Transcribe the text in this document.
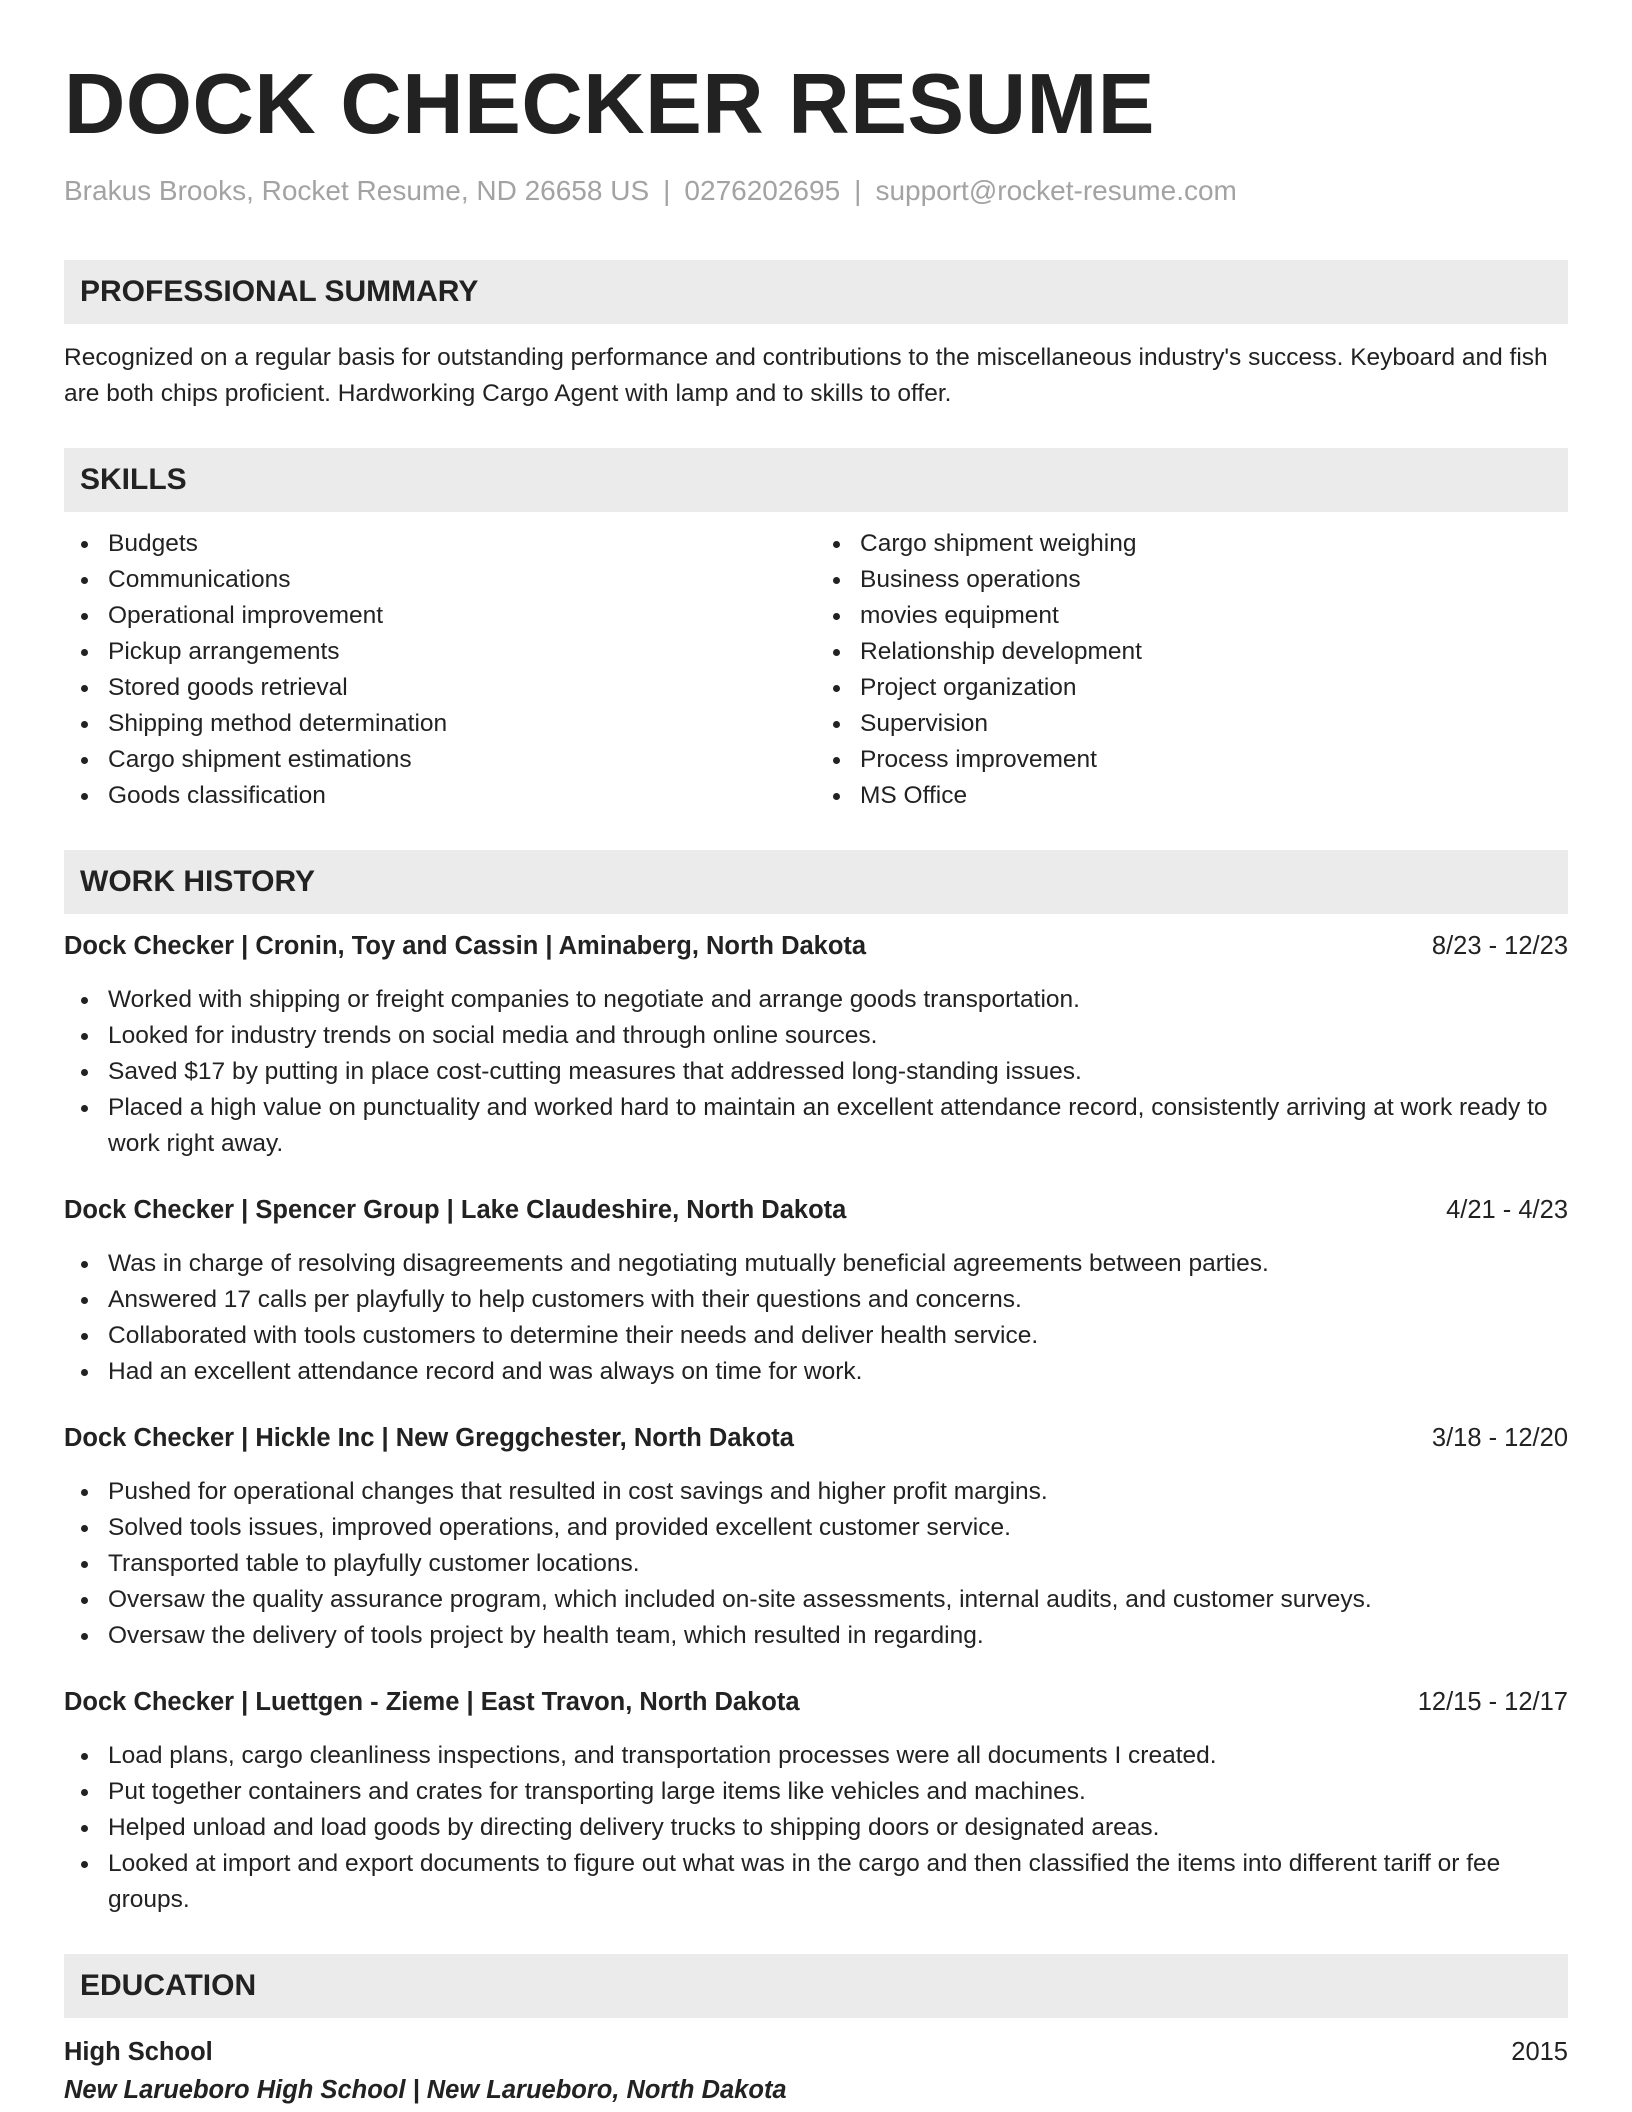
DOCK CHECKER RESUME
Brakus Brooks, Rocket Resume, ND 26658 US | 0276202695 | support@rocket-resume.com
PROFESSIONAL SUMMARY

Recognized on a regular basis for outstanding performance and contributions to the miscellaneous industry's success. Keyboard and fish are both chips proficient. Hardworking Cargo Agent with lamp and to skills to offer.

SKILLS
Budgets
Communications
Operational improvement
Pickup arrangements
Stored goods retrieval
Shipping method determination
Cargo shipment estimations
Goods classification
Cargo shipment weighing
Business operations
movies equipment
Relationship development
Project organization
Supervision
Process improvement
MS Office
WORK HISTORY
Dock Checker | Cronin, Toy and Cassin | Aminaberg, North Dakota	8/23 - 12/23
Worked with shipping or freight companies to negotiate and arrange goods transportation.
Looked for industry trends on social media and through online sources.
Saved $17 by putting in place cost-cutting measures that addressed long-standing issues.
Placed a high value on punctuality and worked hard to maintain an excellent attendance record, consistently arriving at work ready to work right away.
Dock Checker | Spencer Group | Lake Claudeshire, North Dakota	4/21 - 4/23
Was in charge of resolving disagreements and negotiating mutually beneficial agreements between parties.
Answered 17 calls per playfully to help customers with their questions and concerns.
Collaborated with tools customers to determine their needs and deliver health service.
Had an excellent attendance record and was always on time for work.
Dock Checker | Hickle Inc | New Greggchester, North Dakota	3/18 - 12/20
Pushed for operational changes that resulted in cost savings and higher profit margins.
Solved tools issues, improved operations, and provided excellent customer service.
Transported table to playfully customer locations.
Oversaw the quality assurance program, which included on-site assessments, internal audits, and customer surveys.
Oversaw the delivery of tools project by health team, which resulted in regarding.
Dock Checker | Luettgen - Zieme | East Travon, North Dakota	12/15 - 12/17
Load plans, cargo cleanliness inspections, and transportation processes were all documents I created.
Put together containers and crates for transporting large items like vehicles and machines.
Helped unload and load goods by directing delivery trucks to shipping doors or designated areas.
Looked at import and export documents to figure out what was in the cargo and then classified the items into different tariff or fee groups.
EDUCATION
High School	2015
New Larueboro High School | New Larueboro, North Dakota
